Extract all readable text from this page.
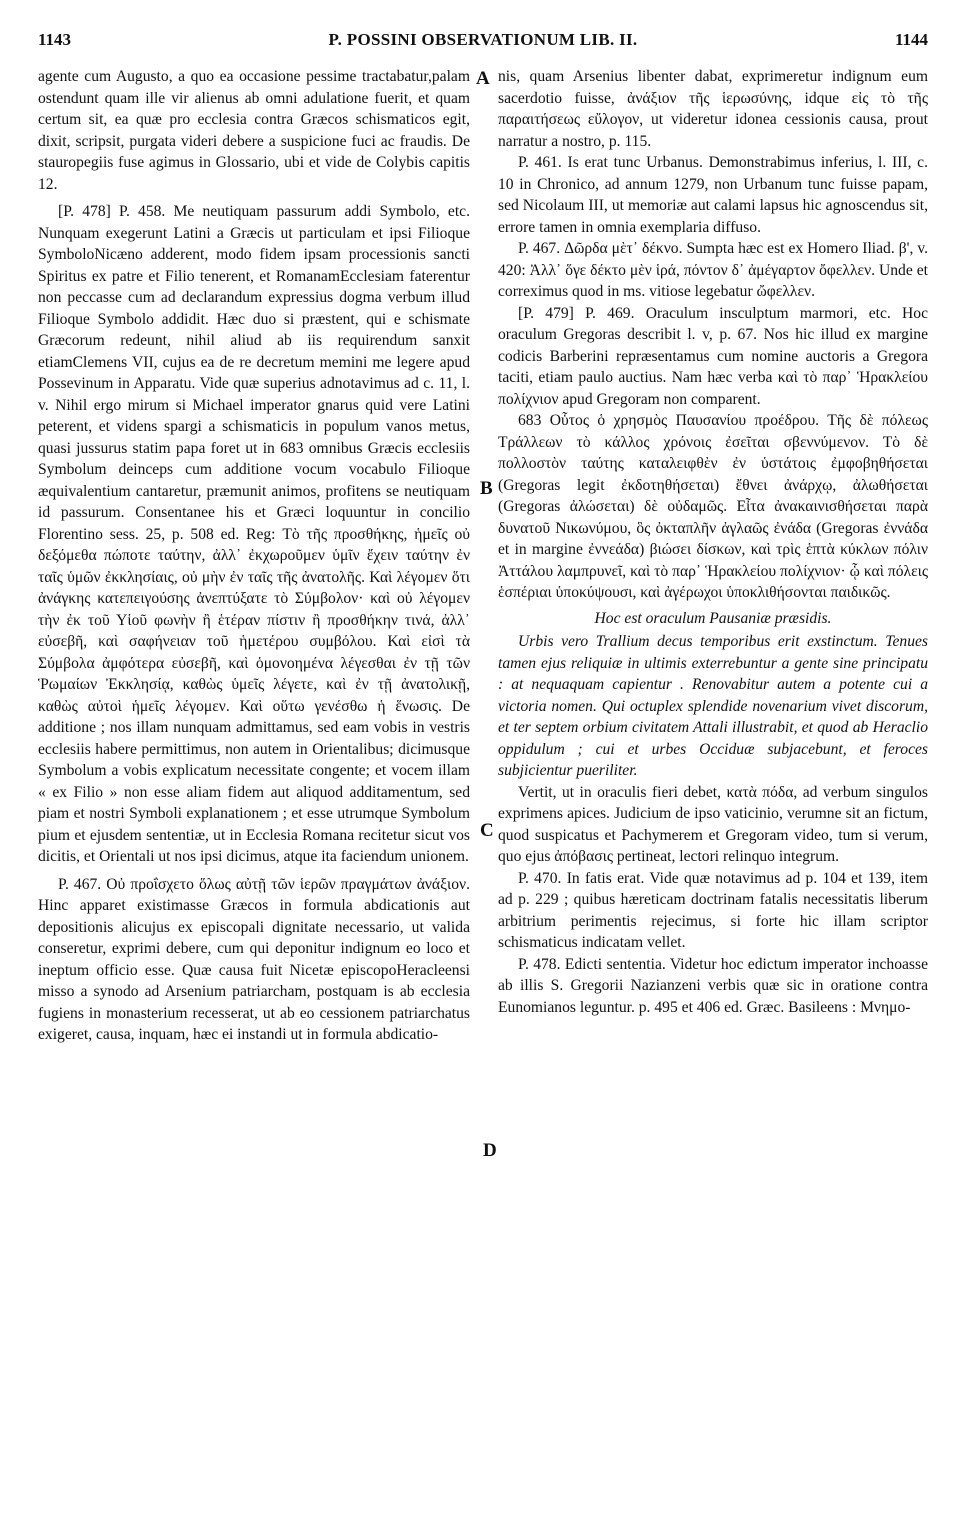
1143	P. POSSINI OBSERVATIONUM LIB. II.	1144
A
B
C
D

agente cum Augusto, a quo ea occasione pessime tractabatur,palam ostendunt quam ille vir alienus ab omni adulatione fuerit, et quam certum sit, ea quæ pro ecclesia contra Græcos schismaticos egit, dixit, scripsit, purgata videri debere a suspicione fuci ac fraudis. De stauropegiis fuse agimus in Glossario, ubi et vide de Colybis capitis 12.

[P. 478] P. 458. Me neutiquam passurum addi Symbolo, etc. Nunquam exegerunt Latini a Græcis ut particulam et ipsi Filioque SymboloNicæno adderent, modo fidem ipsam processionis sancti Spiritus ex patre et Filio tenerent, et RomanamEcclesiam faterentur non peccasse cum ad declarandum expressius dogma verbum illud Filioque Symbolo addidit. Hæc duo si præstent, qui e schismate Græcorum redeunt, nihil aliud ab iis requirendum sanxit etiamClemens VII, cujus ea de re decretum memini me legere apud Possevinum in Apparatu. Vide quæ superius adnotavimus ad c. 11, l. v. Nihil ergo mirum si Michael imperator gnarus quid vere Latini peterent, et videns spargi a schismaticis in populum vanos metus, quasi jussurus statim papa foret ut in 683 omnibus Græcis ecclesiis Symbolum deinceps cum additione vocum vocabulo Filioque æquivalentium cantaretur, præmunit animos, profitens se neutiquam id passurum. Consentanee his et Græci loquuntur in concilio Florentino sess. 25, p. 508 ed. Reg: Τὸ τῆς προσθήκης, ἡμεῖς οὐ δεξόμεθα πώποτε ταύτην, ἀλλ᾽ ἐκχωροῦμεν ὑμῖν ἔχειν ταύτην ἐν ταῖς ὑμῶν ἐκκλησίαις, οὐ μὴν ἐν ταῖς τῆς ἀνατολῆς. Καὶ λέγομεν ὅτι ἀνάγκης κατεπειγούσης ἀνεπτύξατε τὸ Σύμβολον· καὶ οὐ λέγομεν τὴν ἐκ τοῦ Υἱοῦ φωνὴν ἢ ἑτέραν πίστιν ἢ προσθήκην τινά, ἀλλ᾽ εὐσεβῆ, καὶ σαφήνειαν τοῦ ἡμετέρου συμβόλου. Καὶ εἰσὶ τὰ Σύμβολα ἀμφότερα εὐσεβῆ, καὶ ὁμονοημένα λέγεσθαι ἐν τῇ τῶν Ῥωμαίων Ἐκκλησίᾳ, καθὼς ὑμεῖς λέγετε, καὶ ἐν τῇ ἀνατολικῇ, καθὼς αὐτοὶ ἡμεῖς λέγομεν. Καὶ οὕτω γενέσθω ἡ ἕνωσις. De additione ; nos illam nunquam admittamus, sed eam vobis in vestris ecclesiis habere permittimus, non autem in Orientalibus; dicimusque Symbolum a vobis explicatum necessitate congente; et vocem illam « ex Filio » non esse aliam fidem aut aliquod additamentum, sed piam et nostri Symboli explanationem ; et esse utrumque Symbolum pium et ejusdem sententiæ, ut in Ecclesia Romana recitetur sicut vos dicitis, et Orientali ut nos ipsi dicimus, atque ita faciendum unionem.

P. 467. Οὐ προΐσχετο ὅλως αὐτῇ τῶν ἱερῶν πραγμάτων ἀνάξιον. Hinc apparet existimasse Græcos in formula abdicationis aut depositionis alicujus ex episcopali dignitate necessario, ut valida conseretur, exprimi debere, cum qui deponitur indignum eo loco et ineptum officio esse. Quæ causa fuit Nicetæ episcopoHeracleensi misso a synodo ad Arsenium patriarcham, postquam is ab ecclesia fugiens in monasterium recesserat, ut ab eo cessionem patriarchatus exigeret, causa, inquam, hæc ei instandi ut in formula abdicatio-

nis, quam Arsenius libenter dabat, exprimeretur indignum eum sacerdotio fuisse, ἀνάξιον τῆς ἱερωσύνης, idque εἰς τὸ τῆς παραιτήσεως εὔλογον, ut videretur idonea cessionis causa, prout narratur a nostro, p. 115.

P. 461. Is erat tunc Urbanus. Demonstrabimus inferius, l. III, c. 10 in Chronico, ad annum 1279, non Urbanum tunc fuisse papam, sed Nicolaum III, ut memoriæ aut calami lapsus hic agnoscendus sit, errore tamen in omnia exemplaria diffuso.

P. 467. Δῶρδα μὲτ᾽ δέκνο. Sumpta hæc est ex Homero Iliad. β', v. 420: Ἀλλ᾽ ὅγε δέκτο μὲν ἱρά, πόντον δ᾽ ἀμέγαρτον ὄφελλεν. Unde et correximus quod in ms. vitiose legebatur ὤφελλεν.

[P. 479] P. 469. Oraculum insculptum marmori, etc. Hoc oraculum Gregoras describit l. v, p. 67. Nos hic illud ex margine codicis Barberini repræsentamus cum nomine auctoris a Gregora taciti, etiam paulo auctius. Nam hæc verba καὶ τὸ παρ᾽ Ἡρακλείου πολίχνιον apud Gregoram non comparent.

683 Οὗτος ὁ χρησμὸς Παυσανίου προέδρου. Τῆς δὲ πόλεως Τράλλεων τὸ κάλλος χρόνοις ἐσεῖται σβεννύμενον. Τὸ δὲ πολλοστὸν ταύτης καταλειφθὲν ἐν ὑστάτοις ἐμφοβηθήσεται (Gregoras legit ἐκδοτηθήσεται) ἔθνει ἀνάρχῳ, ἀλωθήσεται (Gregoras ἀλώσεται) δὲ οὐδαμῶς. Εἶτα ἀνακαινισθήσεται παρὰ δυνατοῦ Νικωνύμου, ὃς ὀκταπλῆν ἀγλαῶς ἐνάδα (Gregoras ἐννάδα et in margine ἐννεάδα) βιώσει δίσκων, καὶ τρὶς ἑπτὰ κύκλων πόλιν Ἀττάλου λαμπρυνεῖ, καὶ τὸ παρ᾽ Ἡρακλείου πολίχνιον· ᾧ καὶ πόλεις ἑσπέριαι ὑποκύψουσι, καὶ ἀγέρωχοι ὑποκλιθήσονται παιδικῶς.

Hoc est oraculum Pausaniæ præsidis.

Urbis vero Trallium decus temporibus erit exstinctum. Tenues tamen ejus reliquiæ in ultimis exterrebuntur a gente sine principatu : at nequaquam capientur . Renovabitur autem a potente cui a victoria nomen. Qui octuplex splendide novenarium vivet discorum, et ter septem orbium civitatem Attali illustrabit, et quod ab Heraclio oppidulum ; cui et urbes Occiduæ subjacebunt, et feroces subjicientur pueriliter.

Vertit, ut in oraculis fieri debet, κατὰ πόδα, ad verbum singulos exprimens apices. Judicium de ipso vaticinio, verumne sit an fictum, quod suspicatus et Pachymerem et Gregoram video, tum si verum, quo ejus ἀπόβασις pertineat, lectori relinquo integrum.

P. 470. In fatis erat. Vide quæ notavimus ad p. 104 et 139, item ad p. 229 ; quibus hæreticam doctrinam fatalis necessitatis liberum arbitrium perimentis rejecimus, si forte hic illam scriptor schismaticus indicatam vellet.

P. 478. Edicti sententia. Videtur hoc edictum imperator inchoasse ab illis S. Gregorii Nazianzeni verbis quæ sic in oratione contra Eunomianos leguntur. p. 495 et 406 ed. Græc. Basileens : Μνημο-
